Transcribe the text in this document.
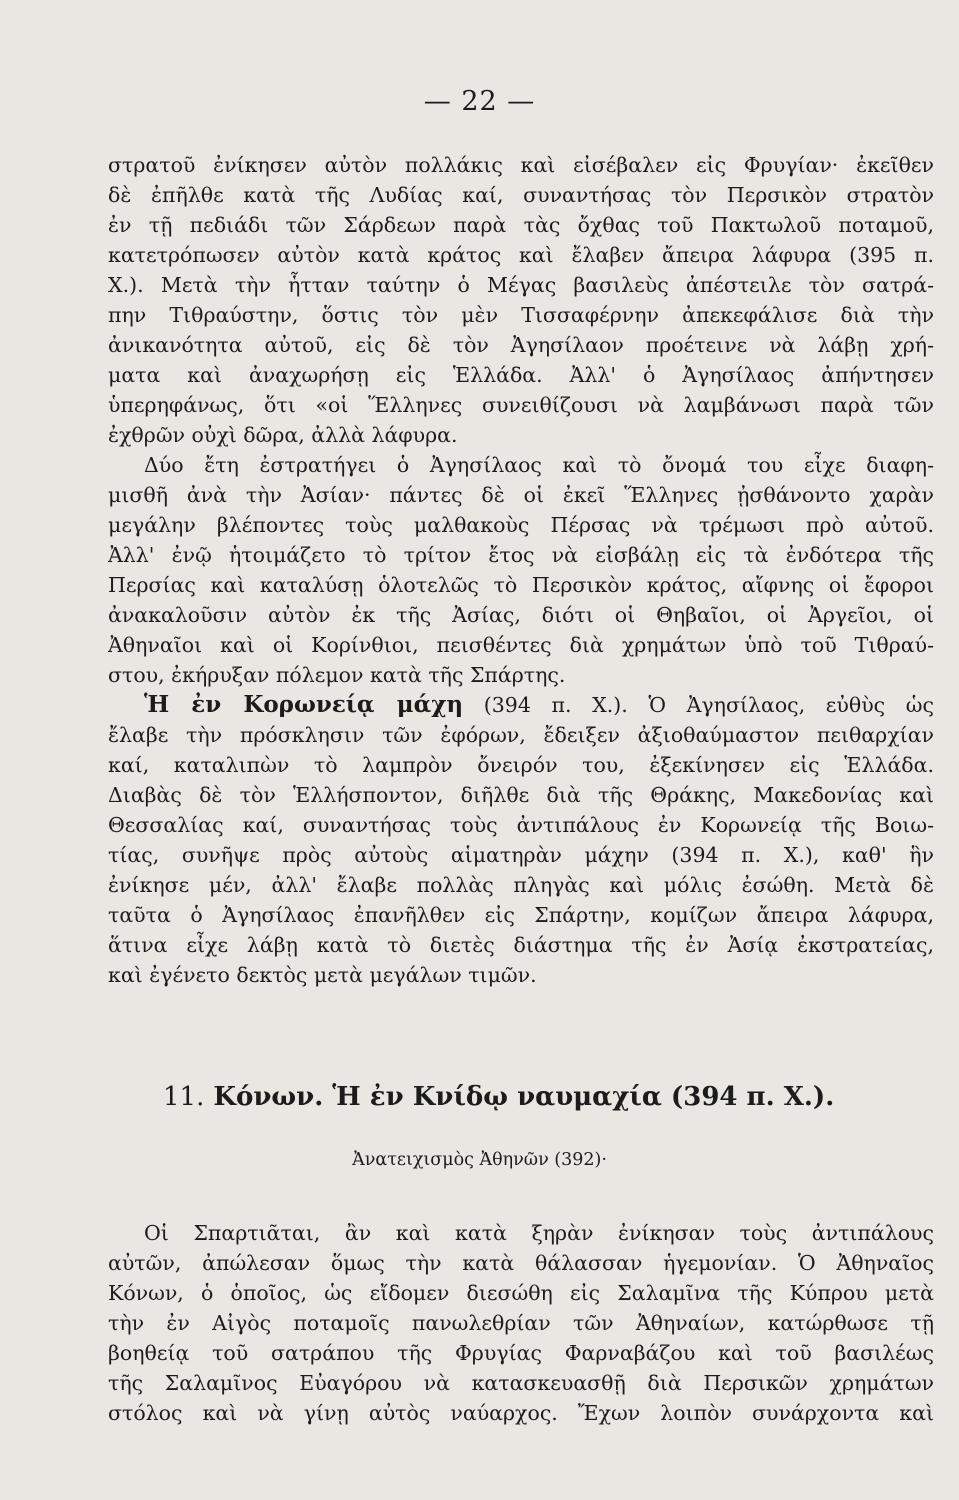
— 22 —
στρατοῦ ἐνίκησεν αὐτὸν πολλάκις καὶ εἰσέβαλεν εἰς Φρυγίαν· ἐκεῖθεν
δὲ ἐπῆλθε κατὰ τῆς Λυδίας καί, συναντήσας τὸν Περσικὸν στρατὸν
ἐν τῇ πεδιάδι τῶν Σάρδεων παρὰ τὰς ὄχθας τοῦ Πακτωλοῦ ποταμοῦ,
κατετρόπωσεν αὐτὸν κατὰ κράτος καὶ ἔλαβεν ἄπειρα λάφυρα (395 π.
Χ.). Μετὰ τὴν ἧτταν ταύτην ὁ Μέγας βασιλεὺς ἀπέστειλε τὸν σατρά-
πην Τιθραύστην, ὅστις τὸν μὲν Τισσαφέρνην ἀπεκεφάλισε διὰ τὴν
ἀνικανότητα αὐτοῦ, εἰς δὲ τὸν Ἀγησίλαον προέτεινε νὰ λάβῃ χρή-
ματα καὶ ἀναχωρήσῃ εἰς Ἑλλάδα. Ἀλλ' ὁ Ἀγησίλαος ἀπήντησεν
ὑπερηφάνως, ὅτι «οἱ Ἕλληνες συνειθίζουσι νὰ λαμβάνωσι παρὰ τῶν
ἐχθρῶν οὐχὶ δῶρα, ἀλλὰ λάφυρα.
Δύο ἔτη ἐστρατήγει ὁ Ἀγησίλαος καὶ τὸ ὄνομά του εἶχε διαφη-
μισθῆ ἀνὰ τὴν Ἀσίαν· πάντες δὲ οἱ ἐκεῖ Ἕλληνες ᾐσθάνοντο χαρὰν
μεγάλην βλέποντες τοὺς μαλθακοὺς Πέρσας νὰ τρέμωσι πρὸ αὐτοῦ.
Ἀλλ' ἐνῷ ἡτοιμάζετο τὸ τρίτον ἔτος νὰ εἰσβάλῃ εἰς τὰ ἐνδότερα τῆς
Περσίας καὶ καταλύσῃ ὁλοτελῶς τὸ Περσικὸν κράτος, αἴφνης οἱ ἔφοροι
ἀνακαλοῦσιν αὐτὸν ἐκ τῆς Ἀσίας, διότι οἱ Θηβαῖοι, οἱ Ἀργεῖοι, οἱ
Ἀθηναῖοι καὶ οἱ Κορίνθιοι, πεισθέντες διὰ χρημάτων ὑπὸ τοῦ Τιθραύ-
στου, ἐκήρυξαν πόλεμον κατὰ τῆς Σπάρτης.
Ἡ ἐν Κορωνείᾳ μάχη (394 π. Χ.). Ὁ Ἀγησίλαος, εὐθὺς ὡς
ἔλαβε τὴν πρόσκλησιν τῶν ἐφόρων, ἔδειξεν ἀξιοθαύμαστον πειθαρχίαν
καί, καταλιπὼν τὸ λαμπρὸν ὄνειρόν του, ἐξεκίνησεν εἰς Ἑλλάδα.
Διαβὰς δὲ τὸν Ἑλλήσποντον, διῆλθε διὰ τῆς Θράκης, Μακεδονίας καὶ
Θεσσαλίας καί, συναντήσας τοὺς ἀντιπάλους ἐν Κορωνείᾳ τῆς Βοιω-
τίας, συνῆψε πρὸς αὐτοὺς αἱματηρὰν μάχην (394 π. Χ.), καθ' ἣν
ἐνίκησε μέν, ἀλλ' ἔλαβε πολλὰς πληγὰς καὶ μόλις ἐσώθη. Μετὰ δὲ
ταῦτα ὁ Ἀγησίλαος ἐπανῆλθεν εἰς Σπάρτην, κομίζων ἄπειρα λάφυρα,
ἅτινα εἶχε λάβῃ κατὰ τὸ διετὲς διάστημα τῆς ἐν Ἀσίᾳ ἐκστρατείας,
καὶ ἐγένετο δεκτὸς μετὰ μεγάλων τιμῶν.
11. Κόνων. Ἡ ἐν Κνίδῳ ναυμαχία (394 π. Χ.).
Ἀνατειχισμὸς Ἀθηνῶν (392)·
Οἱ Σπαρτιᾶται, ἂν καὶ κατὰ ξηρὰν ἐνίκησαν τοὺς ἀντιπάλους
αὐτῶν, ἀπώλεσαν ὅμως τὴν κατὰ θάλασσαν ἡγεμονίαν. Ὁ Ἀθηναῖος
Κόνων, ὁ ὁποῖος, ὡς εἴδομεν διεσώθη εἰς Σαλαμῖνα τῆς Κύπρου μετὰ
τὴν ἐν Αἰγὸς ποταμοῖς πανωλεθρίαν τῶν Ἀθηναίων, κατώρθωσε τῇ
βοηθείᾳ τοῦ σατράπου τῆς Φρυγίας Φαρναβάζου καὶ τοῦ βασιλέως
τῆς Σαλαμῖνος Εὐαγόρου νὰ κατασκευασθῇ διὰ Περσικῶν χρημάτων
στόλος καὶ νὰ γίνῃ αὐτὸς ναύαρχος. Ἔχων λοιπὸν συνάρχοντα καὶ
